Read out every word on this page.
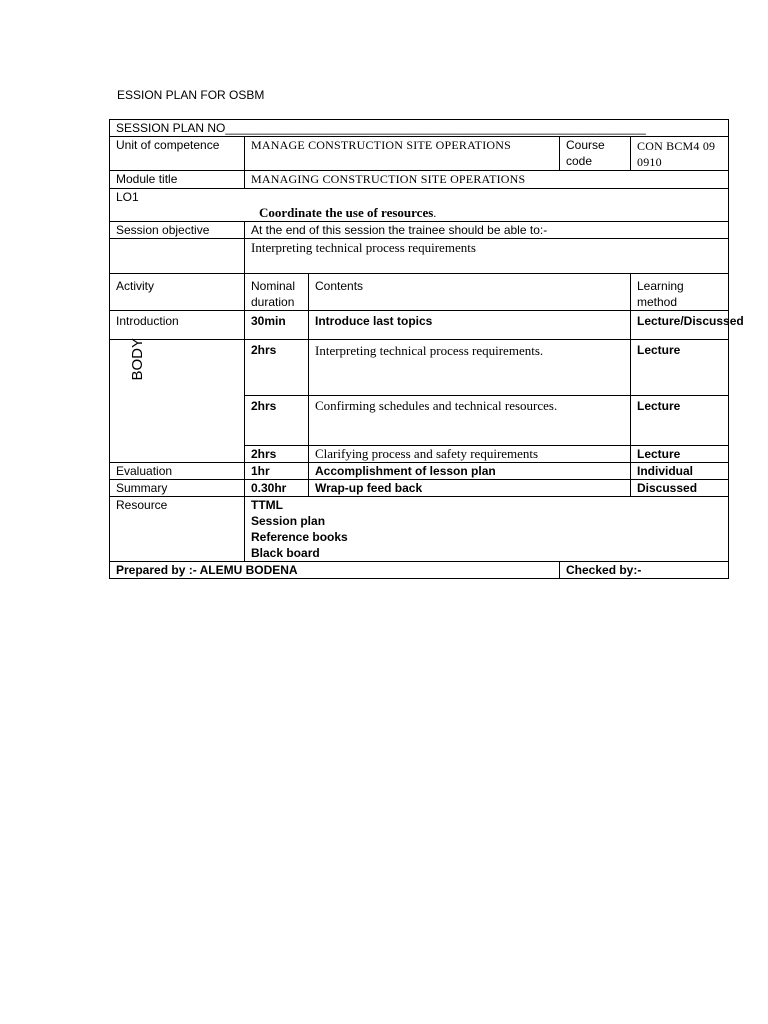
ESSION PLAN FOR OSBM
SESSION PLAN NO_______________________________________________________________				
Unit of competence	MANAGE CONSTRUCTION SITE OPERATIONS		Course code	CON BCM4 09 0910
Module title	MANAGING CONSTRUCTION SITE OPERATIONS			

LO1
Coordinate the use of resources.				
Session objective	At the end of this session the trainee should be able to:-			
	Interpreting technical process requirements			
Activity	Nominal duration	Contents		Learning method
Introduction	30min	Introduce last topics		Lecture/Discussed
BODY	2hrs	Interpreting technical process requirements.		Lecture
	2hrs	Confirming schedules and technical resources.		Lecture
	2hrs	Clarifying process and safety requirements		Lecture
Evaluation	1hr	Accomplishment of lesson plan		Individual
Summary	0.30hr	Wrap-up feed back		Discussed
Resource	TTML
Session plan
Reference books
Black board			

Prepared by :- ALEMU BODENA			Checked by:-	
